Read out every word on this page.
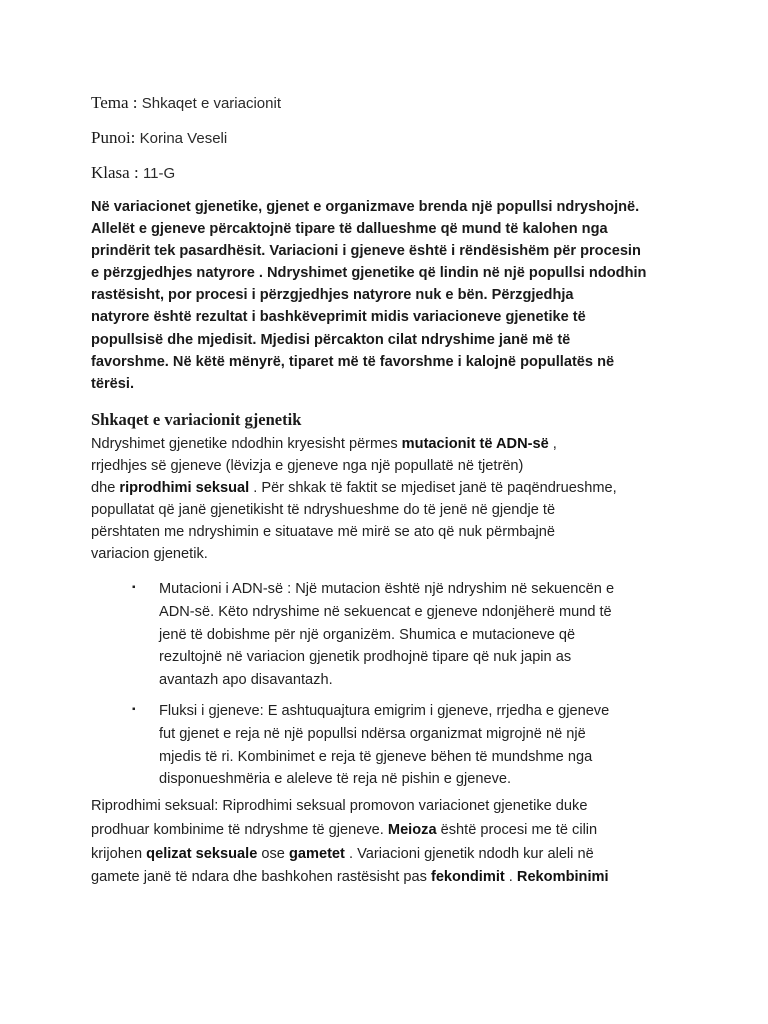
Tema : Shkaqet e variacionit
Punoi: Korina Veseli
Klasa : 11-G
Në variacionet gjenetike, gjenet e organizmave brenda një popullsi ndryshojnë.
Allelët e gjeneve përcaktojnë tipare të dallueshme që mund të kalohen nga
prindërit tek pasardhësit. Variacioni i gjeneve është i rëndësishëm për procesin
e përzgjedhjes natyrore . Ndryshimet gjenetike që lindin në një popullsi ndodhin
rastësisht, por procesi i përzgjedhjes natyrore nuk e bën. Përzgjedhja
natyrore është rezultat i bashkëveprimit midis variacioneve gjenetike të
popullsisë dhe mjedisit. Mjedisi përcakton cilat ndryshime janë më të
favorshme. Në këtë mënyrë, tiparet më të favorshme i kalojnë popullatës në
tërësi.
Shkaqet e variacionit gjenetik
Ndryshimet gjenetike ndodhin kryesisht përmes mutacionit të ADN-së ,
rrjedhjes së gjeneve (lëvizja e gjeneve nga një popullatë në tjetrën)
dhe riprodhimi seksual . Për shkak të faktit se mjediset janë të paqëndrueshme,
popullatat që janë gjenetikisht të ndryshueshme do të jenë në gjendje të
përshtaten me ndryshimin e situatave më mirë se ato që nuk përmbajnë
variacion gjenetik.
▪ Mutacioni i ADN-së : Një mutacion është një ndryshim në sekuencën e
ADN-së. Këto ndryshime në sekuencat e gjeneve ndonjëherë mund të
jenë të dobishme për një organizëm. Shumica e mutacioneve që
rezultojnë në variacion gjenetik prodhojnë tipare që nuk japin as
avantazh apo disavantazh.
▪ Fluksi i gjeneve: E ashtuquajtura emigrim i gjeneve, rrjedha e gjeneve
fut gjenet e reja në një popullsi ndërsa organizmat migrojnë në një
mjedis të ri. Kombinimet e reja të gjeneve bëhen të mundshme nga
disponueshmëria e aleleve të reja në pishin e gjeneve.
Riprodhimi seksual: Riprodhimi seksual promovon variacionet gjenetike duke
prodhuar kombinime të ndryshme të gjeneve. Meioza është procesi me të cilin
krijohen qelizat seksuale ose gametet . Variacioni gjenetik ndodh kur aleli në
gamete janë të ndara dhe bashkohen rastësisht pas fekondimit . Rekombinimi
